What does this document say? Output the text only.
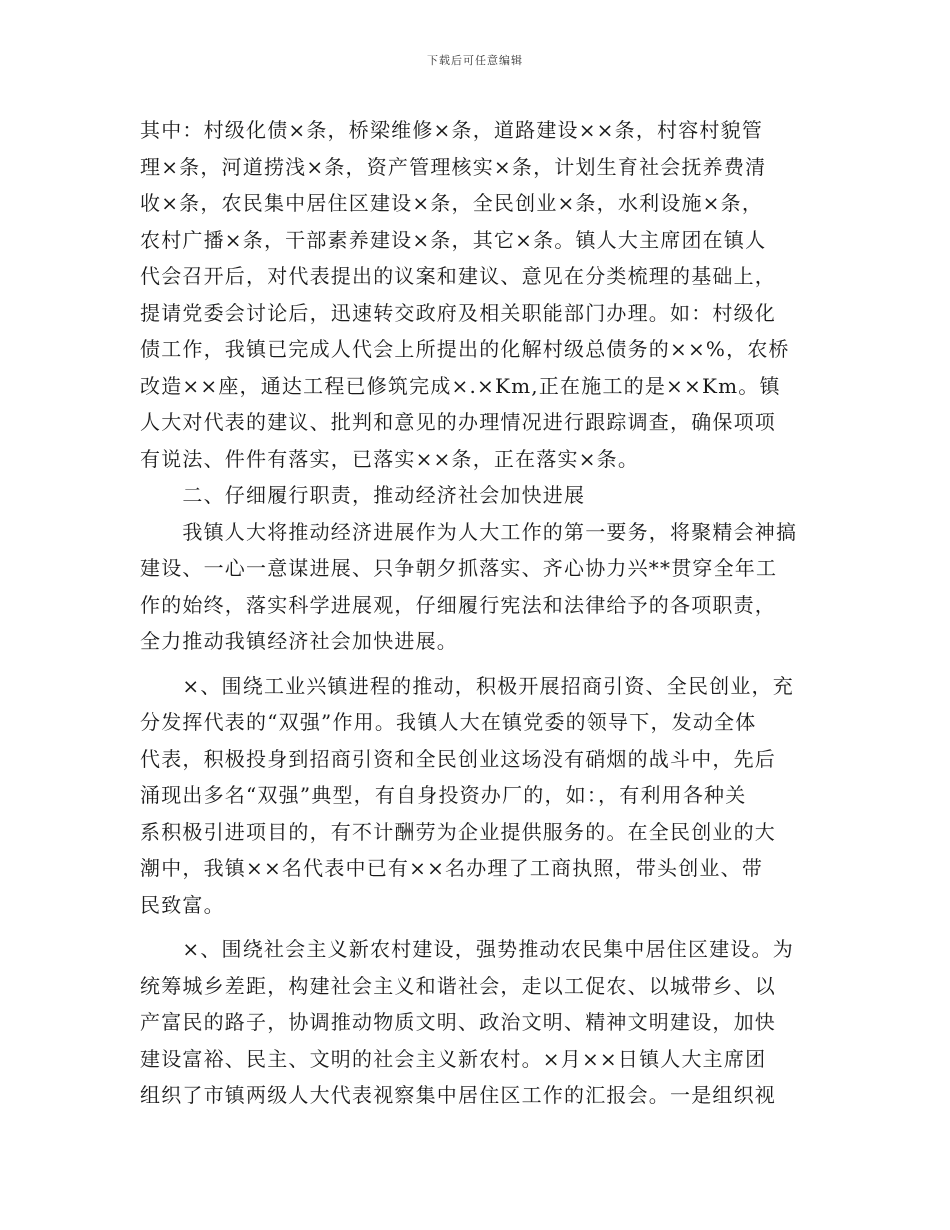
下载后可任意编辑
其中：村级化债×条，桥梁维修×条，道路建设××条，村容村貌管
理×条，河道捞浅×条，资产管理核实×条，计划生育社会抚养费清
收×条，农民集中居住区建设×条，全民创业×条，水利设施×条，
农村广播×条，干部素养建设×条，其它×条。镇人大主席团在镇人
代会召开后，对代表提出的议案和建议、意见在分类梳理的基础上，
提请党委会讨论后，迅速转交政府及相关职能部门办理。如：村级化
债工作，我镇已完成人代会上所提出的化解村级总债务的××%，农桥
改造××座，通达工程已修筑完成×.×Km,正在施工的是××Km。镇
人大对代表的建议、批判和意见的办理情况进行跟踪调查，确保项项
有说法、件件有落实，已落实××条，正在落实×条。
　　二、仔细履行职责，推动经济社会加快进展
　　我镇人大将推动经济进展作为人大工作的第一要务，将聚精会神搞
建设、一心一意谋进展、只争朝夕抓落实、齐心协力兴**贯穿全年工
作的始终，落实科学进展观，仔细履行宪法和法律给予的各项职责，
全力推动我镇经济社会加快进展。
　　×、围绕工业兴镇进程的推动，积极开展招商引资、全民创业，充
分发挥代表的“双强”作用。我镇人大在镇党委的领导下，发动全体
代表，积极投身到招商引资和全民创业这场没有硝烟的战斗中，先后
涌现出多名“双强”典型，有自身投资办厂的，如：，有利用各种关
系积极引进项目的，有不计酬劳为企业提供服务的。在全民创业的大
潮中，我镇××名代表中已有××名办理了工商执照，带头创业、带
民致富。
　　×、围绕社会主义新农村建设，强势推动农民集中居住区建设。为
统筹城乡差距，构建社会主义和谐社会，走以工促农、以城带乡、以
产富民的路子，协调推动物质文明、政治文明、精神文明建设，加快
建设富裕、民主、文明的社会主义新农村。×月××日镇人大主席团
组织了市镇两级人大代表视察集中居住区工作的汇报会。一是组织视
